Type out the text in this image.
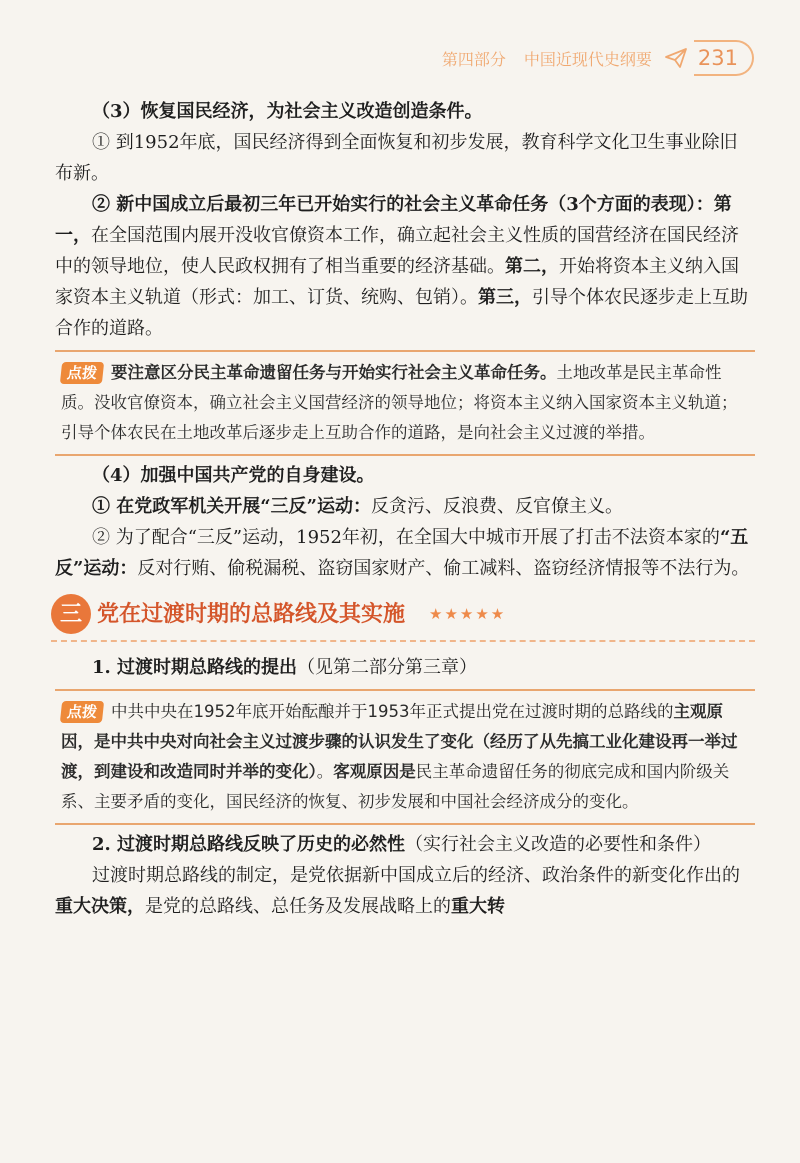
第四部分 中国近现代史纲要 231

（3）恢复国民经济，为社会主义改造创造条件。

① 到1952年底，国民经济得到全面恢复和初步发展，教育科学文化卫生事业除旧布新。

② 新中国成立后最初三年已开始实行的社会主义革命任务（3个方面的表现）：第一，在全国范围内展开没收官僚资本工作，确立起社会主义性质的国营经济在国民经济中的领导地位，使人民政权拥有了相当重要的经济基础。第二，开始将资本主义纳入国家资本主义轨道（形式：加工、订货、统购、包销）。第三，引导个体农民逐步走上互助合作的道路。

点拨 要注意区分民主革命遗留任务与开始实行社会主义革命任务。土地改革是民主革命性质。没收官僚资本，确立社会主义国营经济的领导地位；将资本主义纳入国家资本主义轨道；引导个体农民在土地改革后逐步走上互助合作的道路，是向社会主义过渡的举措。

（4）加强中国共产党的自身建设。

① 在党政军机关开展“三反”运动：反贪污、反浪费、反官僚主义。

② 为了配合“三反”运动，1952年初，在全国大中城市开展了打击不法资本家的“五反”运动：反对行贿、偷税漏税、盗窃国家财产、偷工减料、盗窃经济情报等不法行为。

三 党在过渡时期的总路线及其实施 ★★★★★

1. 过渡时期总路线的提出（见第二部分第三章）

点拨 中共中央在1952年底开始酝酿并于1953年正式提出党在过渡时期的总路线的主观原因，是中共中央对向社会主义过渡步骤的认识发生了变化（经历了从先搞工业化建设再一举过渡，到建设和改造同时并举的变化）。客观原因是民主革命遗留任务的彻底完成和国内阶级关系、主要矛盾的变化，国民经济的恢复、初步发展和中国社会经济成分的变化。

2. 过渡时期总路线反映了历史的必然性（实行社会主义改造的必要性和条件）

过渡时期总路线的制定，是党依据新中国成立后的经济、政治条件的新变化作出的重大决策，是党的总路线、总任务及发展战略上的重大转
